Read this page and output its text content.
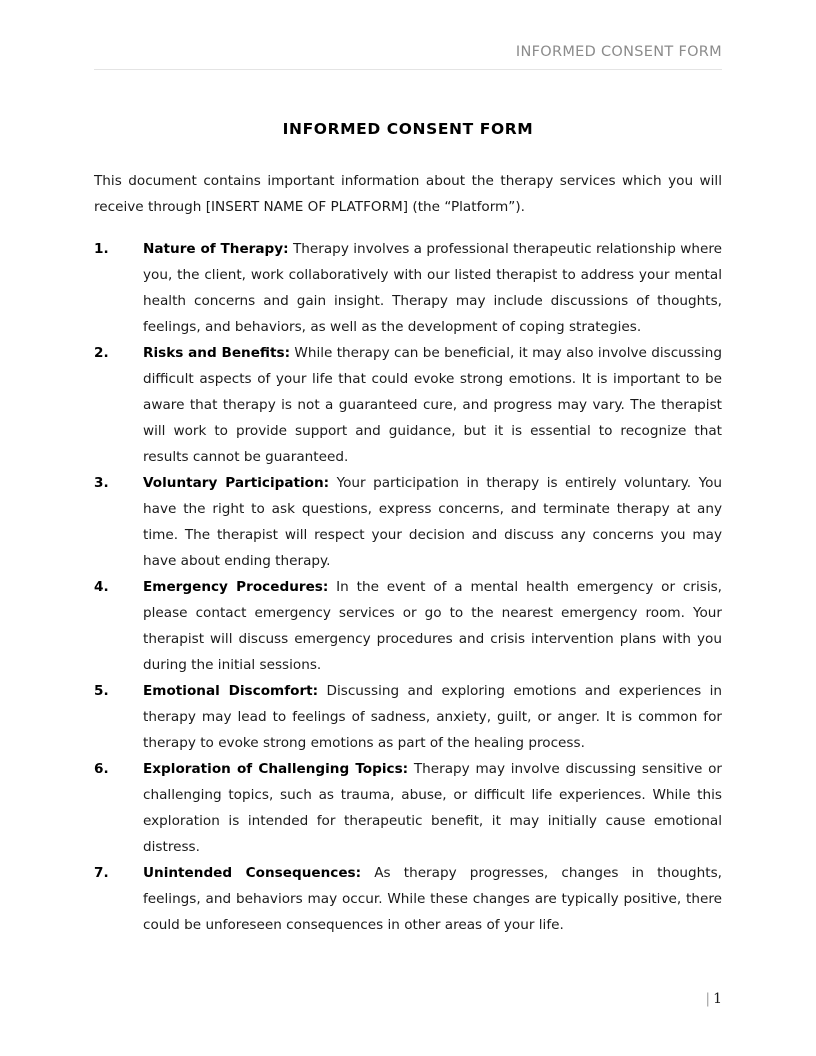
INFORMED CONSENT FORM
INFORMED CONSENT FORM

This document contains important information about the therapy services which you will receive through [INSERT NAME OF PLATFORM] (the “Platform”).

1.	Nature of Therapy: Therapy involves a professional therapeutic relationship where you, the client, work collaboratively with our listed therapist to address your mental health concerns and gain insight. Therapy may include discussions of thoughts, feelings, and behaviors, as well as the development of coping strategies.
2.	Risks and Benefits: While therapy can be beneficial, it may also involve discussing difficult aspects of your life that could evoke strong emotions. It is important to be aware that therapy is not a guaranteed cure, and progress may vary. The therapist will work to provide support and guidance, but it is essential to recognize that results cannot be guaranteed.
3.	Voluntary Participation: Your participation in therapy is entirely voluntary. You have the right to ask questions, express concerns, and terminate therapy at any time. The therapist will respect your decision and discuss any concerns you may have about ending therapy.
4.	Emergency Procedures: In the event of a mental health emergency or crisis, please contact emergency services or go to the nearest emergency room. Your therapist will discuss emergency procedures and crisis intervention plans with you during the initial sessions.
5.	Emotional Discomfort: Discussing and exploring emotions and experiences in therapy may lead to feelings of sadness, anxiety, guilt, or anger. It is common for therapy to evoke strong emotions as part of the healing process.
6.	Exploration of Challenging Topics: Therapy may involve discussing sensitive or challenging topics, such as trauma, abuse, or difficult life experiences. While this exploration is intended for therapeutic benefit, it may initially cause emotional distress.
7.	Unintended Consequences: As therapy progresses, changes in thoughts, feelings, and behaviors may occur. While these changes are typically positive, there could be unforeseen consequences in other areas of your life.
| 1
